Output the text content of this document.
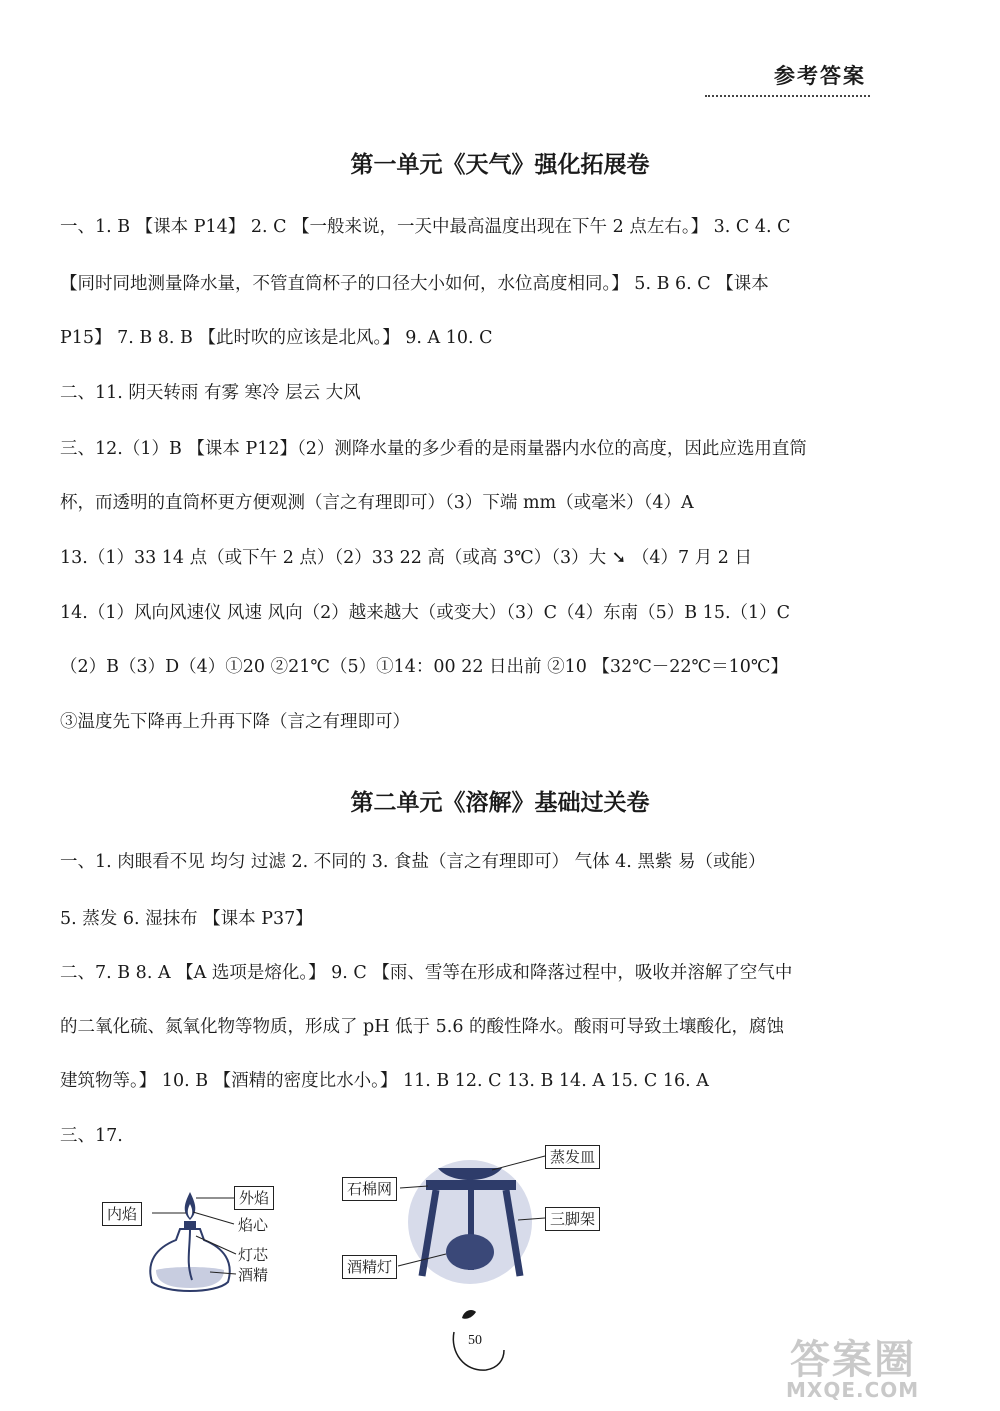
参考答案
第一单元《天气》强化拓展卷
一、1. B 【课本 P14】 2. C 【一般来说，一天中最高温度出现在下午 2 点左右。】 3. C 4. C
【同时同地测量降水量，不管直筒杯子的口径大小如何，水位高度相同。】 5. B 6. C 【课本
P15】 7. B 8. B 【此时吹的应该是北风。】 9. A 10. C
二、11. 阴天转雨 有雾 寒冷 层云 大风
三、12.（1）B 【课本 P12】（2）测降水量的多少看的是雨量器内水位的高度，因此应选用直筒
杯，而透明的直筒杯更方便观测（言之有理即可）（3）下端 mm（或毫米）（4）A
13.（1）33 14 点（或下午 2 点）（2）33 22 高（或高 3℃）（3）大 ➘ （4）7 月 2 日
14.（1）风向风速仪 风速 风向（2）越来越大（或变大）（3）C（4）东南（5）B 15.（1）C
（2）B（3）D（4）①20 ②21℃（5）①14：00 22 日出前 ②10 【32℃－22℃＝10℃】
③温度先下降再上升再下降（言之有理即可）
第二单元《溶解》基础过关卷
一、1. 肉眼看不见 均匀 过滤 2. 不同的 3. 食盐（言之有理即可） 气体 4. 黑紫 易（或能）
5. 蒸发 6. 湿抹布 【课本 P37】
二、7. B 8. A 【A 选项是熔化。】 9. C 【雨、雪等在形成和降落过程中，吸收并溶解了空气中
的二氧化硫、氮氧化物等物质，形成了 pH 低于 5.6 的酸性降水。酸雨可导致土壤酸化，腐蚀
建筑物等。】 10. B 【酒精的密度比水小。】 11. B 12. C 13. B 14. A 15. C 16. A
三、17.
内焰
外焰
焰心
灯芯
酒精
蒸发皿
石棉网
三脚架
酒精灯
50	答案圈
MXQE.COM
